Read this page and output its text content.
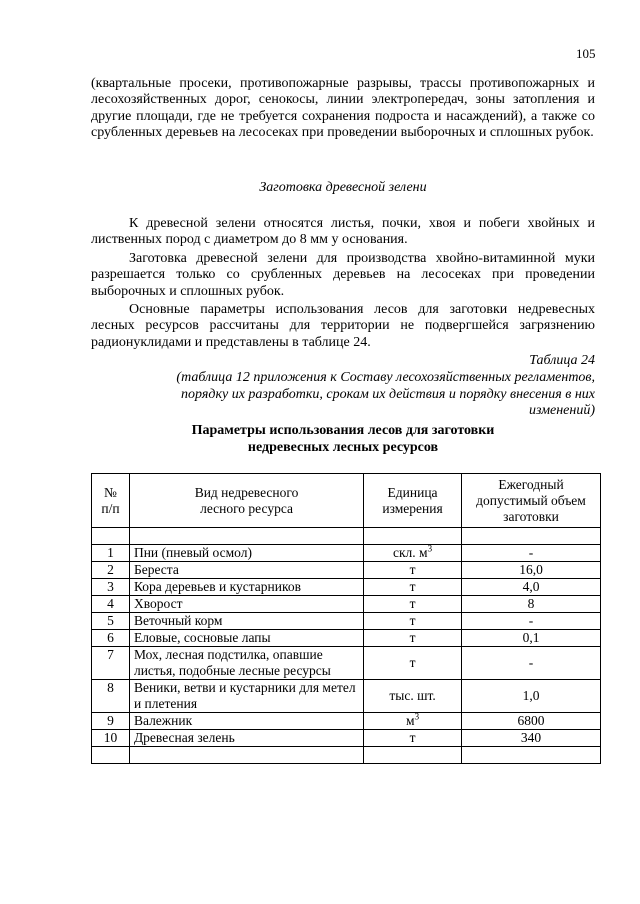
105

(квартальные просеки, противопожарные разрывы, трассы противопожарных и лесохозяйственных дорог, сенокосы, линии электропередач, зоны затопления и другие площади, где не требуется сохранения подроста и насаждений), а также со срубленных деревьев на лесосеках при проведении выборочных и сплошных рубок.

Заготовка древесной зелени

К древесной зелени относятся листья, почки, хвоя и побеги хвойных и лиственных пород с диаметром до 8 мм у основания.

Заготовка древесной зелени для производства хвойно-витаминной муки разрешается только со срубленных деревьев на лесосеках при проведении выборочных и сплошных рубок.

Основные параметры использования лесов для заготовки недревесных лесных ресурсов рассчитаны для территории не подвергшейся загрязнению радионуклидами и представлены в таблице 24.

Таблица 24
(таблица 12 приложения к Составу лесохозяйственных регламентов, порядку их разработки, срокам их действия и порядку внесения в них изменений)
Параметры использования лесов для заготовки
недревесных лесных ресурсов
№ п/п	Вид недревесного лесного ресурса	Единица измерения	Ежегодный допустимый объем заготовки

1	Пни (пневый осмол)	скл. $м^3$	-
2	Береста	т	16,0
3	Кора деревьев и кустарников	т	4,0
4	Хворост	т	8
5	Веточный корм	т	-
6	Еловые, сосновые лапы	т	0,1
7	Мох, лесная подстилка, опавшие листья, подобные лесные ресурсы	т	-
8	Веники, ветви и кустарники для метел и плетения	тыс. шт.	1,0
9	Валежник	$м^3$	6800
10	Древесная зелень	т	340
